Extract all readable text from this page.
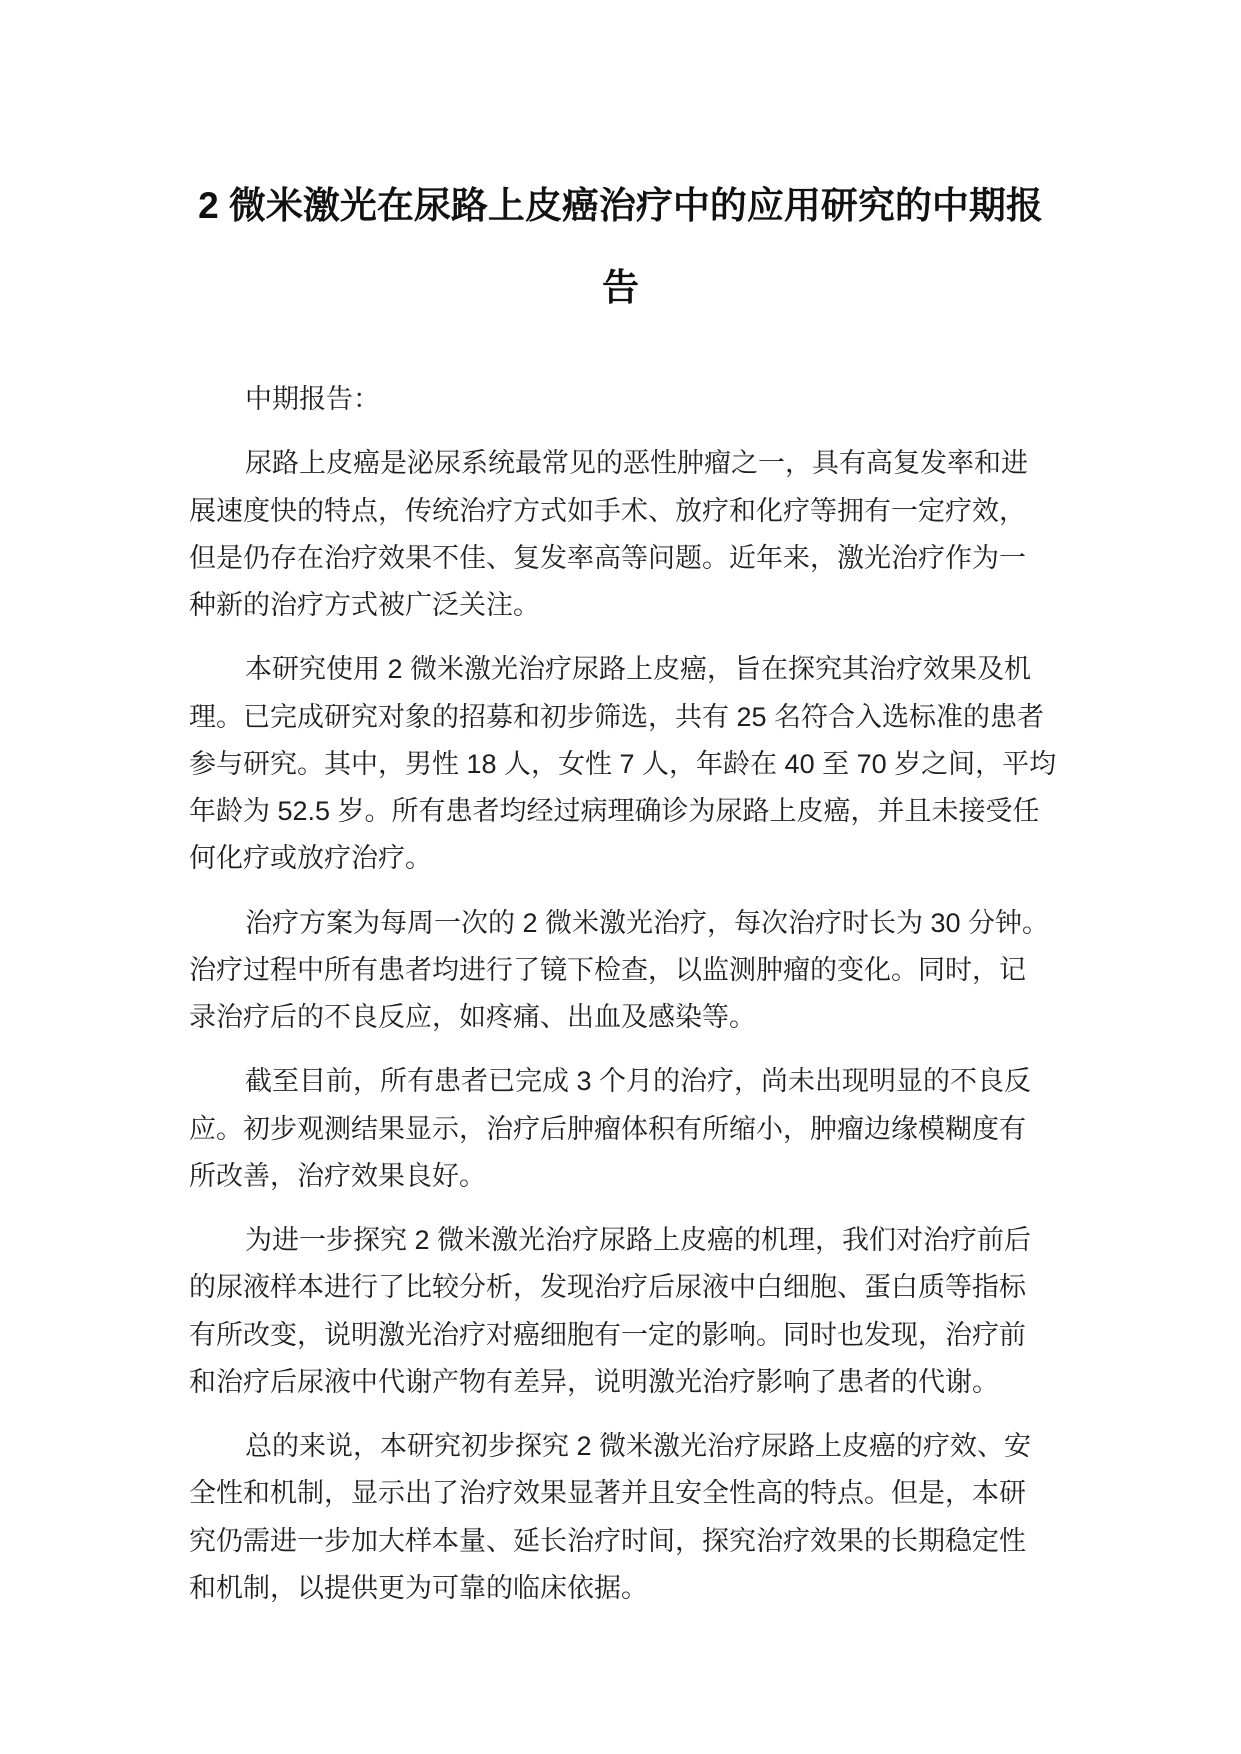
2 微米激光在尿路上皮癌治疗中的应用研究的中期报
告
中期报告：
尿路上皮癌是泌尿系统最常见的恶性肿瘤之一，具有高复发率和进
展速度快的特点，传统治疗方式如手术、放疗和化疗等拥有一定疗效，
但是仍存在治疗效果不佳、复发率高等问题。近年来，激光治疗作为一
种新的治疗方式被广泛关注。
本研究使用 2 微米激光治疗尿路上皮癌，旨在探究其治疗效果及机
理。已完成研究对象的招募和初步筛选，共有 25 名符合入选标准的患者
参与研究。其中，男性 18 人，女性 7 人，年龄在 40 至 70 岁之间，平均
年龄为 52.5 岁。所有患者均经过病理确诊为尿路上皮癌，并且未接受任
何化疗或放疗治疗。
治疗方案为每周一次的 2 微米激光治疗，每次治疗时长为 30 分钟。
治疗过程中所有患者均进行了镜下检查，以监测肿瘤的变化。同时，记
录治疗后的不良反应，如疼痛、出血及感染等。
截至目前，所有患者已完成 3 个月的治疗，尚未出现明显的不良反
应。初步观测结果显示，治疗后肿瘤体积有所缩小，肿瘤边缘模糊度有
所改善，治疗效果良好。
为进一步探究 2 微米激光治疗尿路上皮癌的机理，我们对治疗前后
的尿液样本进行了比较分析，发现治疗后尿液中白细胞、蛋白质等指标
有所改变，说明激光治疗对癌细胞有一定的影响。同时也发现，治疗前
和治疗后尿液中代谢产物有差异，说明激光治疗影响了患者的代谢。
总的来说，本研究初步探究 2 微米激光治疗尿路上皮癌的疗效、安
全性和机制，显示出了治疗效果显著并且安全性高的特点。但是，本研
究仍需进一步加大样本量、延长治疗时间，探究治疗效果的长期稳定性
和机制，以提供更为可靠的临床依据。
